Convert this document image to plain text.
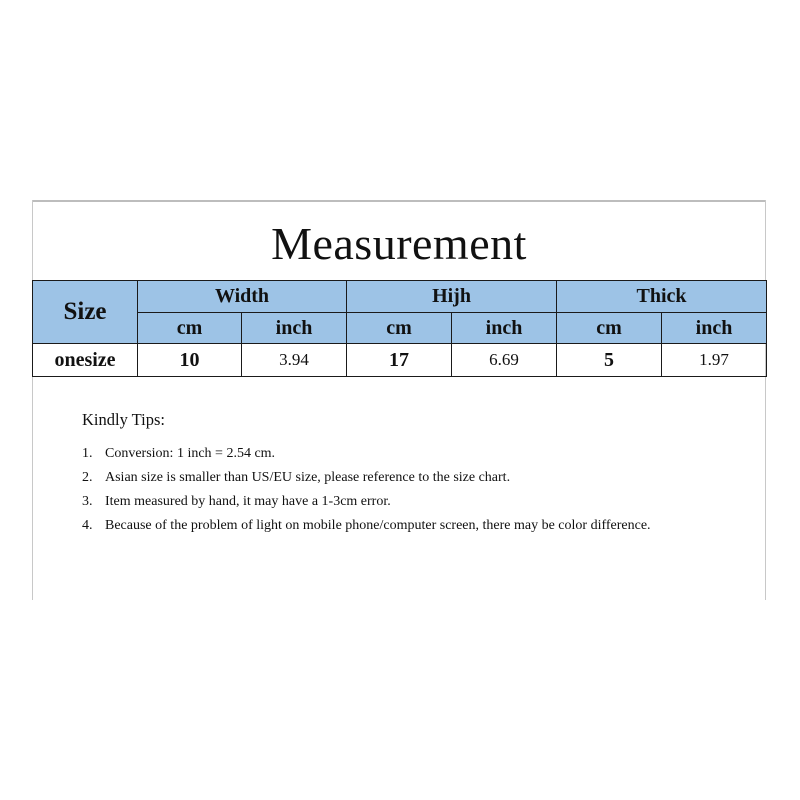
Measurement
Size	Width		Hijh		Thick	
	cm	inch	cm	inch	cm	inch
onesize	10	3.94	17	6.69	5	1.97
Kindly Tips:
1. Conversion: 1 inch = 2.54 cm.
2. Asian size is smaller than US/EU size, please reference to the size chart.
3. Item measured by hand, it may have a 1-3cm error.
4. Because of the problem of light on mobile phone/computer screen, there may be color difference.
